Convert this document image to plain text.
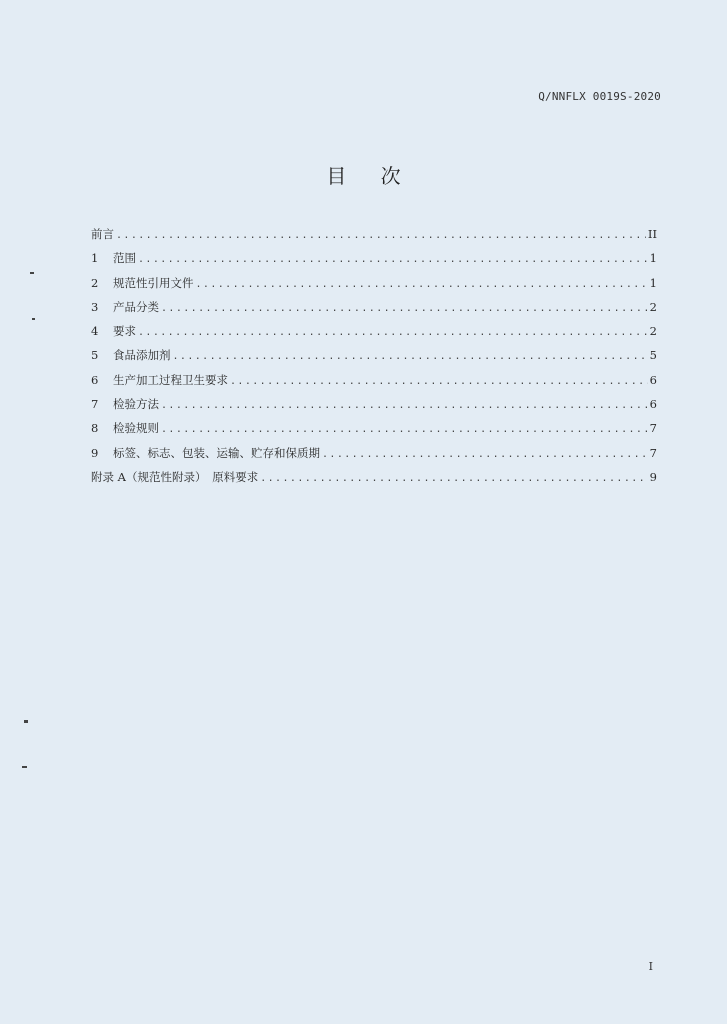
Q/NNFLX 0019S-2020
目 次
前言 .....	II
1	范围 .....	1
2	规范性引用文件 .....	1
3	产品分类 .....	2
4	要求 .....	2
5	食品添加剂 .....	5
6	生产加工过程卫生要求 .....	6
7	检验方法 .....	6
8	检验规则 .....	7
9	标签、标志、包装、运输、贮存和保质期 .....	7
附录 A（规范性附录）　原料要求 .....	9
I
